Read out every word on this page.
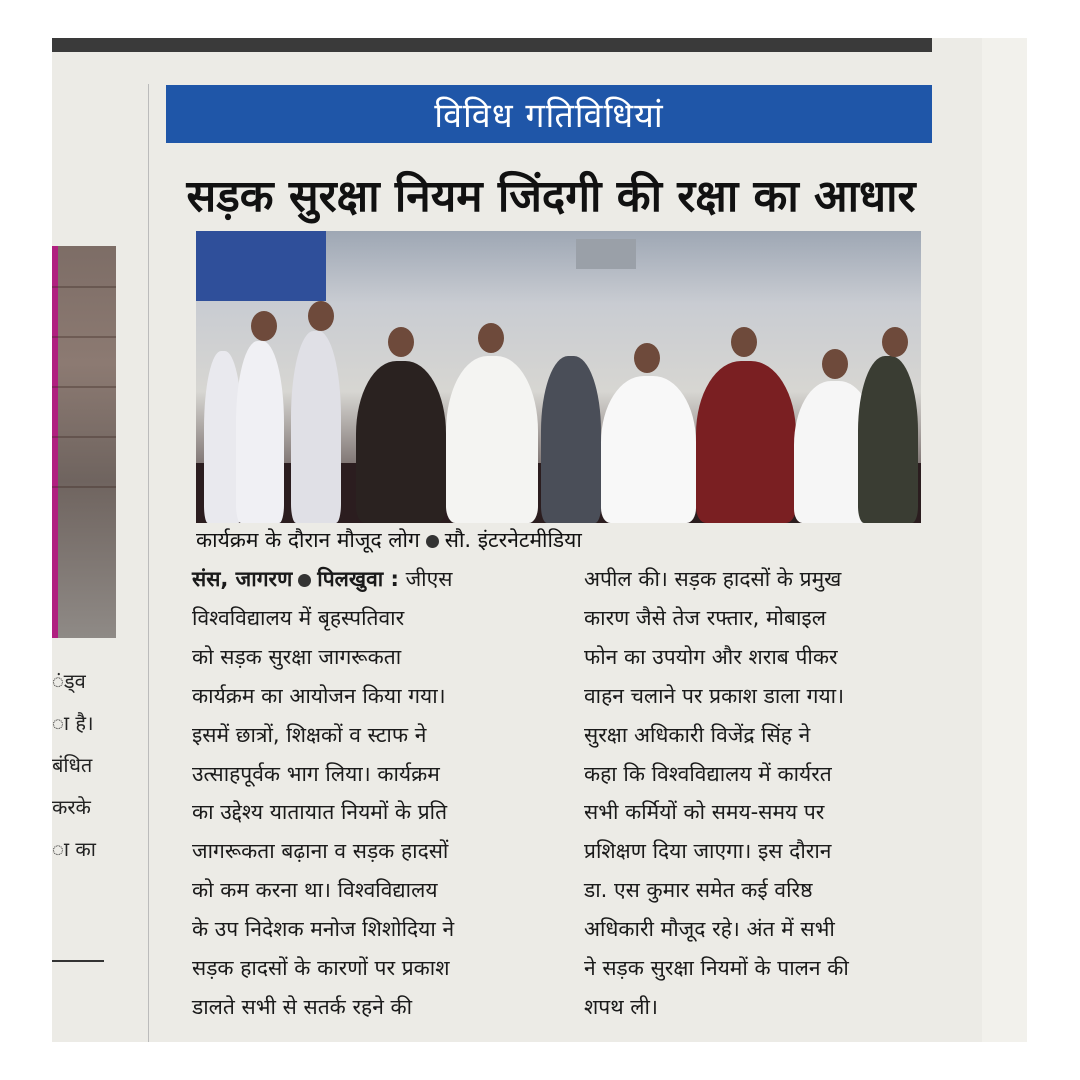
ंड्व
ा है।
बंधित
करके
ा का
विविध गतिविधियां
सड़क सुरक्षा नियम जिंदगी की रक्षा का आधार
कार्यक्रम के दौरान मौजूद लोग सौ. इंटरनेटमीडिया
संस, जागरण पिलखुवा : जीएस
विश्वविद्यालय में बृहस्पतिवार
को सड़क सुरक्षा जागरूकता
कार्यक्रम का आयोजन किया गया।
इसमें छात्रों, शिक्षकों व स्टाफ ने
उत्साहपूर्वक भाग लिया। कार्यक्रम
का उद्देश्य यातायात नियमों के प्रति
जागरूकता बढ़ाना व सड़क हादसों
को कम करना था। विश्वविद्यालय
के उप निदेशक मनोज शिशोदिया ने
सड़क हादसों के कारणों पर प्रकाश
डालते सभी से सतर्क रहने की
अपील की। सड़क हादसों के प्रमुख
कारण जैसे तेज रफ्तार, मोबाइल
फोन का उपयोग और शराब पीकर
वाहन चलाने पर प्रकाश डाला गया।
सुरक्षा अधिकारी विजेंद्र सिंह ने
कहा कि विश्वविद्यालय में कार्यरत
सभी कर्मियों को समय-समय पर
प्रशिक्षण दिया जाएगा। इस दौरान
डा. एस कुमार समेत कई वरिष्ठ
अधिकारी मौजूद रहे। अंत में सभी
ने सड़क सुरक्षा नियमों के पालन की
शपथ ली।
